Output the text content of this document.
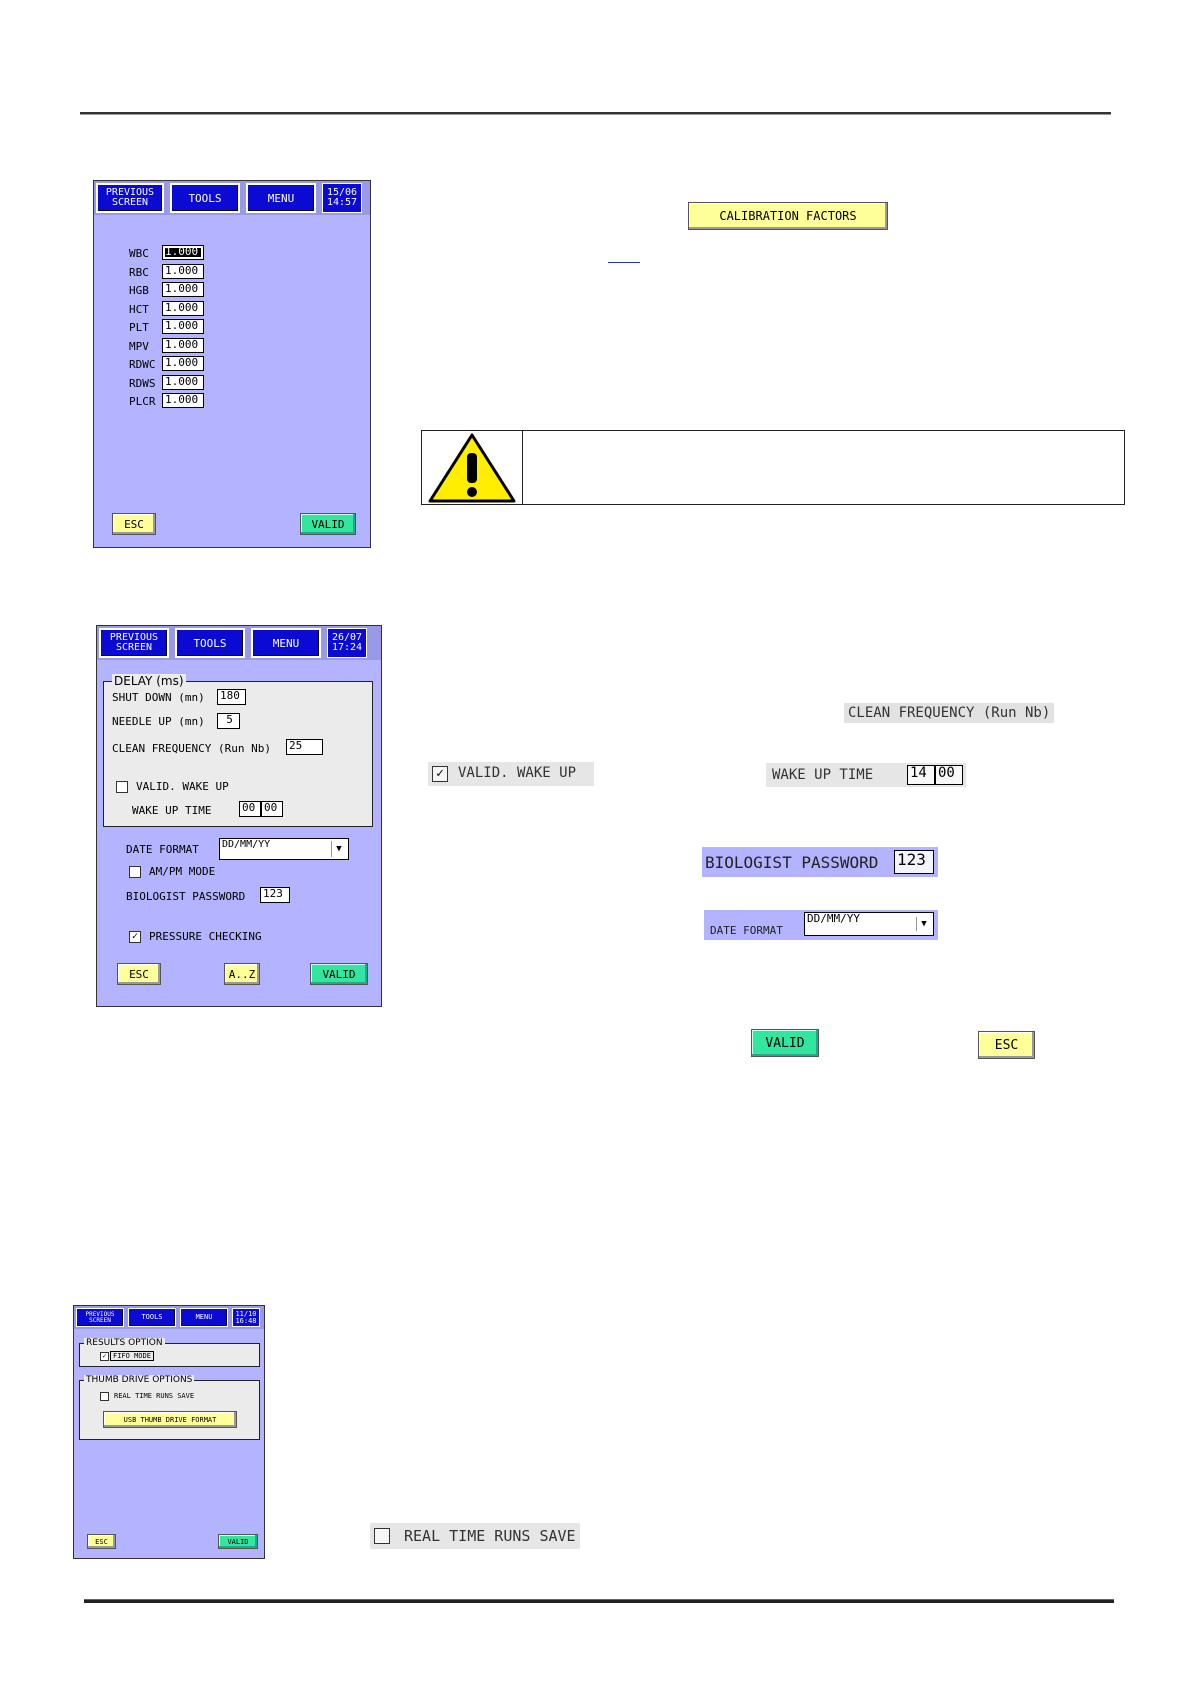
PREVIOUS SCREEN	TOOLS	MENU	15/06
14:57
WBC 1.000
RBC 1.000
HGB 1.000
HCT 1.000
PLT 1.000
MPV 1.000
RDWC 1.000
RDWS 1.000
PLCR 1.000
ESC	VALID
CALIBRATION FACTORS
PREVIOUS SCREEN	TOOLS	MENU	26/07
17:24
DELAY (ms)
SHUT DOWN (mn) 180
NEEDLE UP (mn)	5
CLEAN FREQUENCY (Run Nb) 25
VALID. WAKE UP
WAKE UP TIME	00 00
DATE FORMAT	DD/MM/YY	▼
AM/PM MODE
BIOLOGIST PASSWORD 123
✓ PRESSURE CHECKING
ESC	A..Z	VALID
CLEAN FREQUENCY (Run Nb)
✓ VALID. WAKE UP	WAKE UP TIME	14 00
BIOLOGIST PASSWORD 123
DATE FORMAT
DD/MM/YY	▼
VALID	ESC
PREVIOUS SCREEN	TOOLS	MENU	11/10
16:48
RESULTS OPTION
✓ FIFO MODE
THUMB DRIVE OPTIONS
REAL TIME RUNS SAVE
USB THUMB DRIVE FORMAT
ESC	VALID	REAL TIME RUNS SAVE
